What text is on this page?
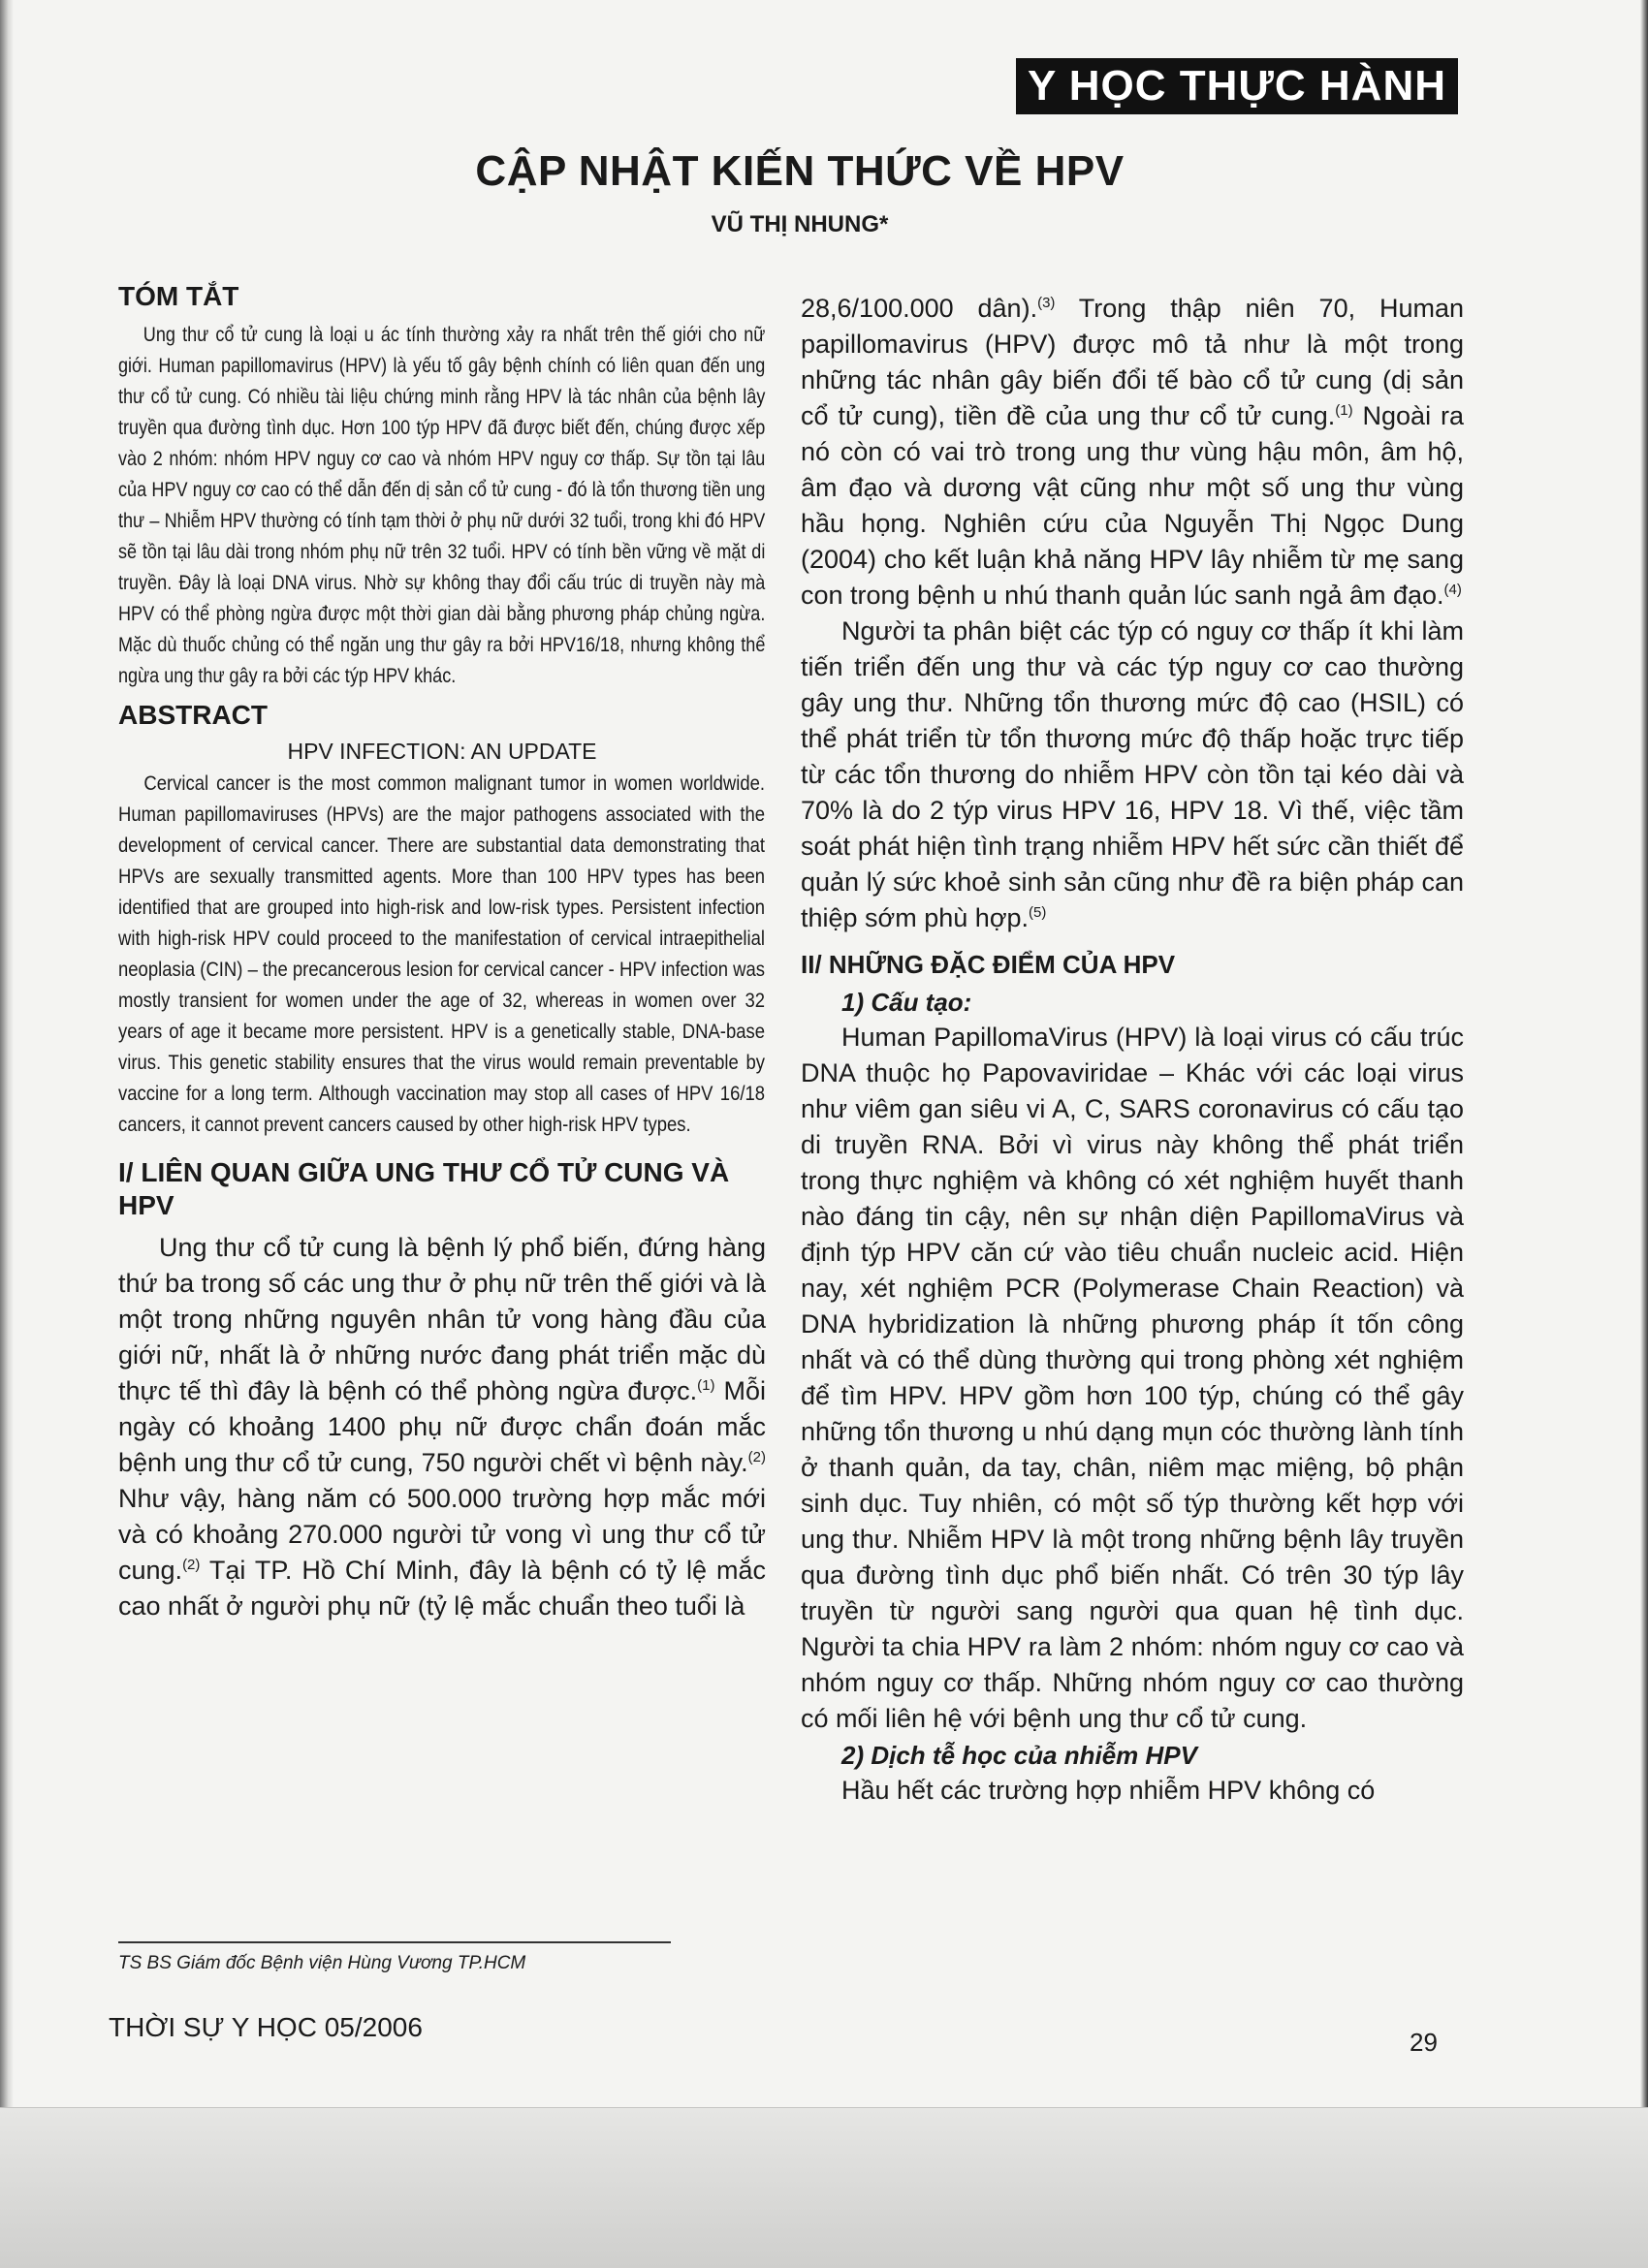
Y HỌC THỰC HÀNH
CẬP NHẬT KIẾN THỨC VỀ HPV
VŨ THỊ NHUNG*
TÓM TẮT

Ung thư cổ tử cung là loại u ác tính thường xảy ra nhất trên thế giới cho nữ giới. Human papillomavirus (HPV) là yếu tố gây bệnh chính có liên quan đến ung thư cổ tử cung. Có nhiều tài liệu chứng minh rằng HPV là tác nhân của bệnh lây truyền qua đường tình dục. Hơn 100 týp HPV đã được biết đến, chúng được xếp vào 2 nhóm: nhóm HPV nguy cơ cao và nhóm HPV nguy cơ thấp. Sự tồn tại lâu của HPV nguy cơ cao có thể dẫn đến dị sản cổ tử cung - đó là tổn thương tiền ung thư – Nhiễm HPV thường có tính tạm thời ở phụ nữ dưới 32 tuổi, trong khi đó HPV sẽ tồn tại lâu dài trong nhóm phụ nữ trên 32 tuổi. HPV có tính bền vững về mặt di truyền. Đây là loại DNA virus. Nhờ sự không thay đổi cấu trúc di truyền này mà HPV có thể phòng ngừa được một thời gian dài bằng phương pháp chủng ngừa. Mặc dù thuốc chủng có thể ngăn ung thư gây ra bởi HPV16/18, nhưng không thể ngừa ung thư gây ra bởi các týp HPV khác.

ABSTRACT
HPV INFECTION: AN UPDATE

Cervical cancer is the most common malignant tumor in women worldwide. Human papillomaviruses (HPVs) are the major pathogens associated with the development of cervical cancer. There are substantial data demonstrating that HPVs are sexually transmitted agents. More than 100 HPV types has been identified that are grouped into high-risk and low-risk types. Persistent infection with high-risk HPV could proceed to the manifestation of cervical intraepithelial neoplasia (CIN) – the precancerous lesion for cervical cancer - HPV infection was mostly transient for women under the age of 32, whereas in women over 32 years of age it became more persistent. HPV is a genetically stable, DNA-base virus. This genetic stability ensures that the virus would remain preventable by vaccine for a long term. Although vaccination may stop all cases of HPV 16/18 cancers, it cannot prevent cancers caused by other high-risk HPV types.

I/ LIÊN QUAN GIỮA UNG THƯ CỔ TỬ CUNG VÀ HPV

Ung thư cổ tử cung là bệnh lý phổ biến, đứng hàng thứ ba trong số các ung thư ở phụ nữ trên thế giới và là một trong những nguyên nhân tử vong hàng đầu của giới nữ, nhất là ở những nước đang phát triển mặc dù thực tế thì đây là bệnh có thể phòng ngừa được.$^{(1)}$ Mỗi ngày có khoảng 1400 phụ nữ được chẩn đoán mắc bệnh ung thư cổ tử cung, 750 người chết vì bệnh này.$^{(2)}$ Như vậy, hàng năm có 500.000 trường hợp mắc mới và có khoảng 270.000 người tử vong vì ung thư cổ tử cung.$^{(2)}$ Tại TP. Hồ Chí Minh, đây là bệnh có tỷ lệ mắc cao nhất ở người phụ nữ (tỷ lệ mắc chuẩn theo tuổi là

28,6/100.000 dân).$^{(3)}$ Trong thập niên 70, Human papillomavirus (HPV) được mô tả như là một trong những tác nhân gây biến đổi tế bào cổ tử cung (dị sản cổ tử cung), tiền đề của ung thư cổ tử cung.$^{(1)}$ Ngoài ra nó còn có vai trò trong ung thư vùng hậu môn, âm hộ, âm đạo và dương vật cũng như một số ung thư vùng hầu họng. Nghiên cứu của Nguyễn Thị Ngọc Dung (2004) cho kết luận khả năng HPV lây nhiễm từ mẹ sang con trong bệnh u nhú thanh quản lúc sanh ngả âm đạo.$^{(4)}$

Người ta phân biệt các týp có nguy cơ thấp ít khi làm tiến triển đến ung thư và các týp nguy cơ cao thường gây ung thư. Những tổn thương mức độ cao (HSIL) có thể phát triển từ tổn thương mức độ thấp hoặc trực tiếp từ các tổn thương do nhiễm HPV còn tồn tại kéo dài và 70% là do 2 týp virus HPV 16, HPV 18. Vì thế, việc tầm soát phát hiện tình trạng nhiễm HPV hết sức cần thiết để quản lý sức khoẻ sinh sản cũng như đề ra biện pháp can thiệp sớm phù hợp.$^{(5)}$

II/ NHỮNG ĐẶC ĐIỂM CỦA HPV
1) Cấu tạo:

Human PapillomaVirus (HPV) là loại virus có cấu trúc DNA thuộc họ Papovaviridae – Khác với các loại virus như viêm gan siêu vi A, C, SARS coronavirus có cấu tạo di truyền RNA. Bởi vì virus này không thể phát triển trong thực nghiệm và không có xét nghiệm huyết thanh nào đáng tin cậy, nên sự nhận diện PapillomaVirus và định týp HPV căn cứ vào tiêu chuẩn nucleic acid. Hiện nay, xét nghiệm PCR (Polymerase Chain Reaction) và DNA hybridization là những phương pháp ít tốn công nhất và có thể dùng thường qui trong phòng xét nghiệm để tìm HPV. HPV gồm hơn 100 týp, chúng có thể gây những tổn thương u nhú dạng mụn cóc thường lành tính ở thanh quản, da tay, chân, niêm mạc miệng, bộ phận sinh dục. Tuy nhiên, có một số týp thường kết hợp với ung thư. Nhiễm HPV là một trong những bệnh lây truyền qua đường tình dục phổ biến nhất. Có trên 30 týp lây truyền từ người sang người qua quan hệ tình dục. Người ta chia HPV ra làm 2 nhóm: nhóm nguy cơ cao và nhóm nguy cơ thấp. Những nhóm nguy cơ cao thường có mối liên hệ với bệnh ung thư cổ tử cung.

2) Dịch tễ học của nhiễm HPV

Hầu hết các trường hợp nhiễm HPV không có

TS BS Giám đốc Bệnh viện Hùng Vương TP.HCM
THỜI SỰ Y HỌC 05/2006	29
